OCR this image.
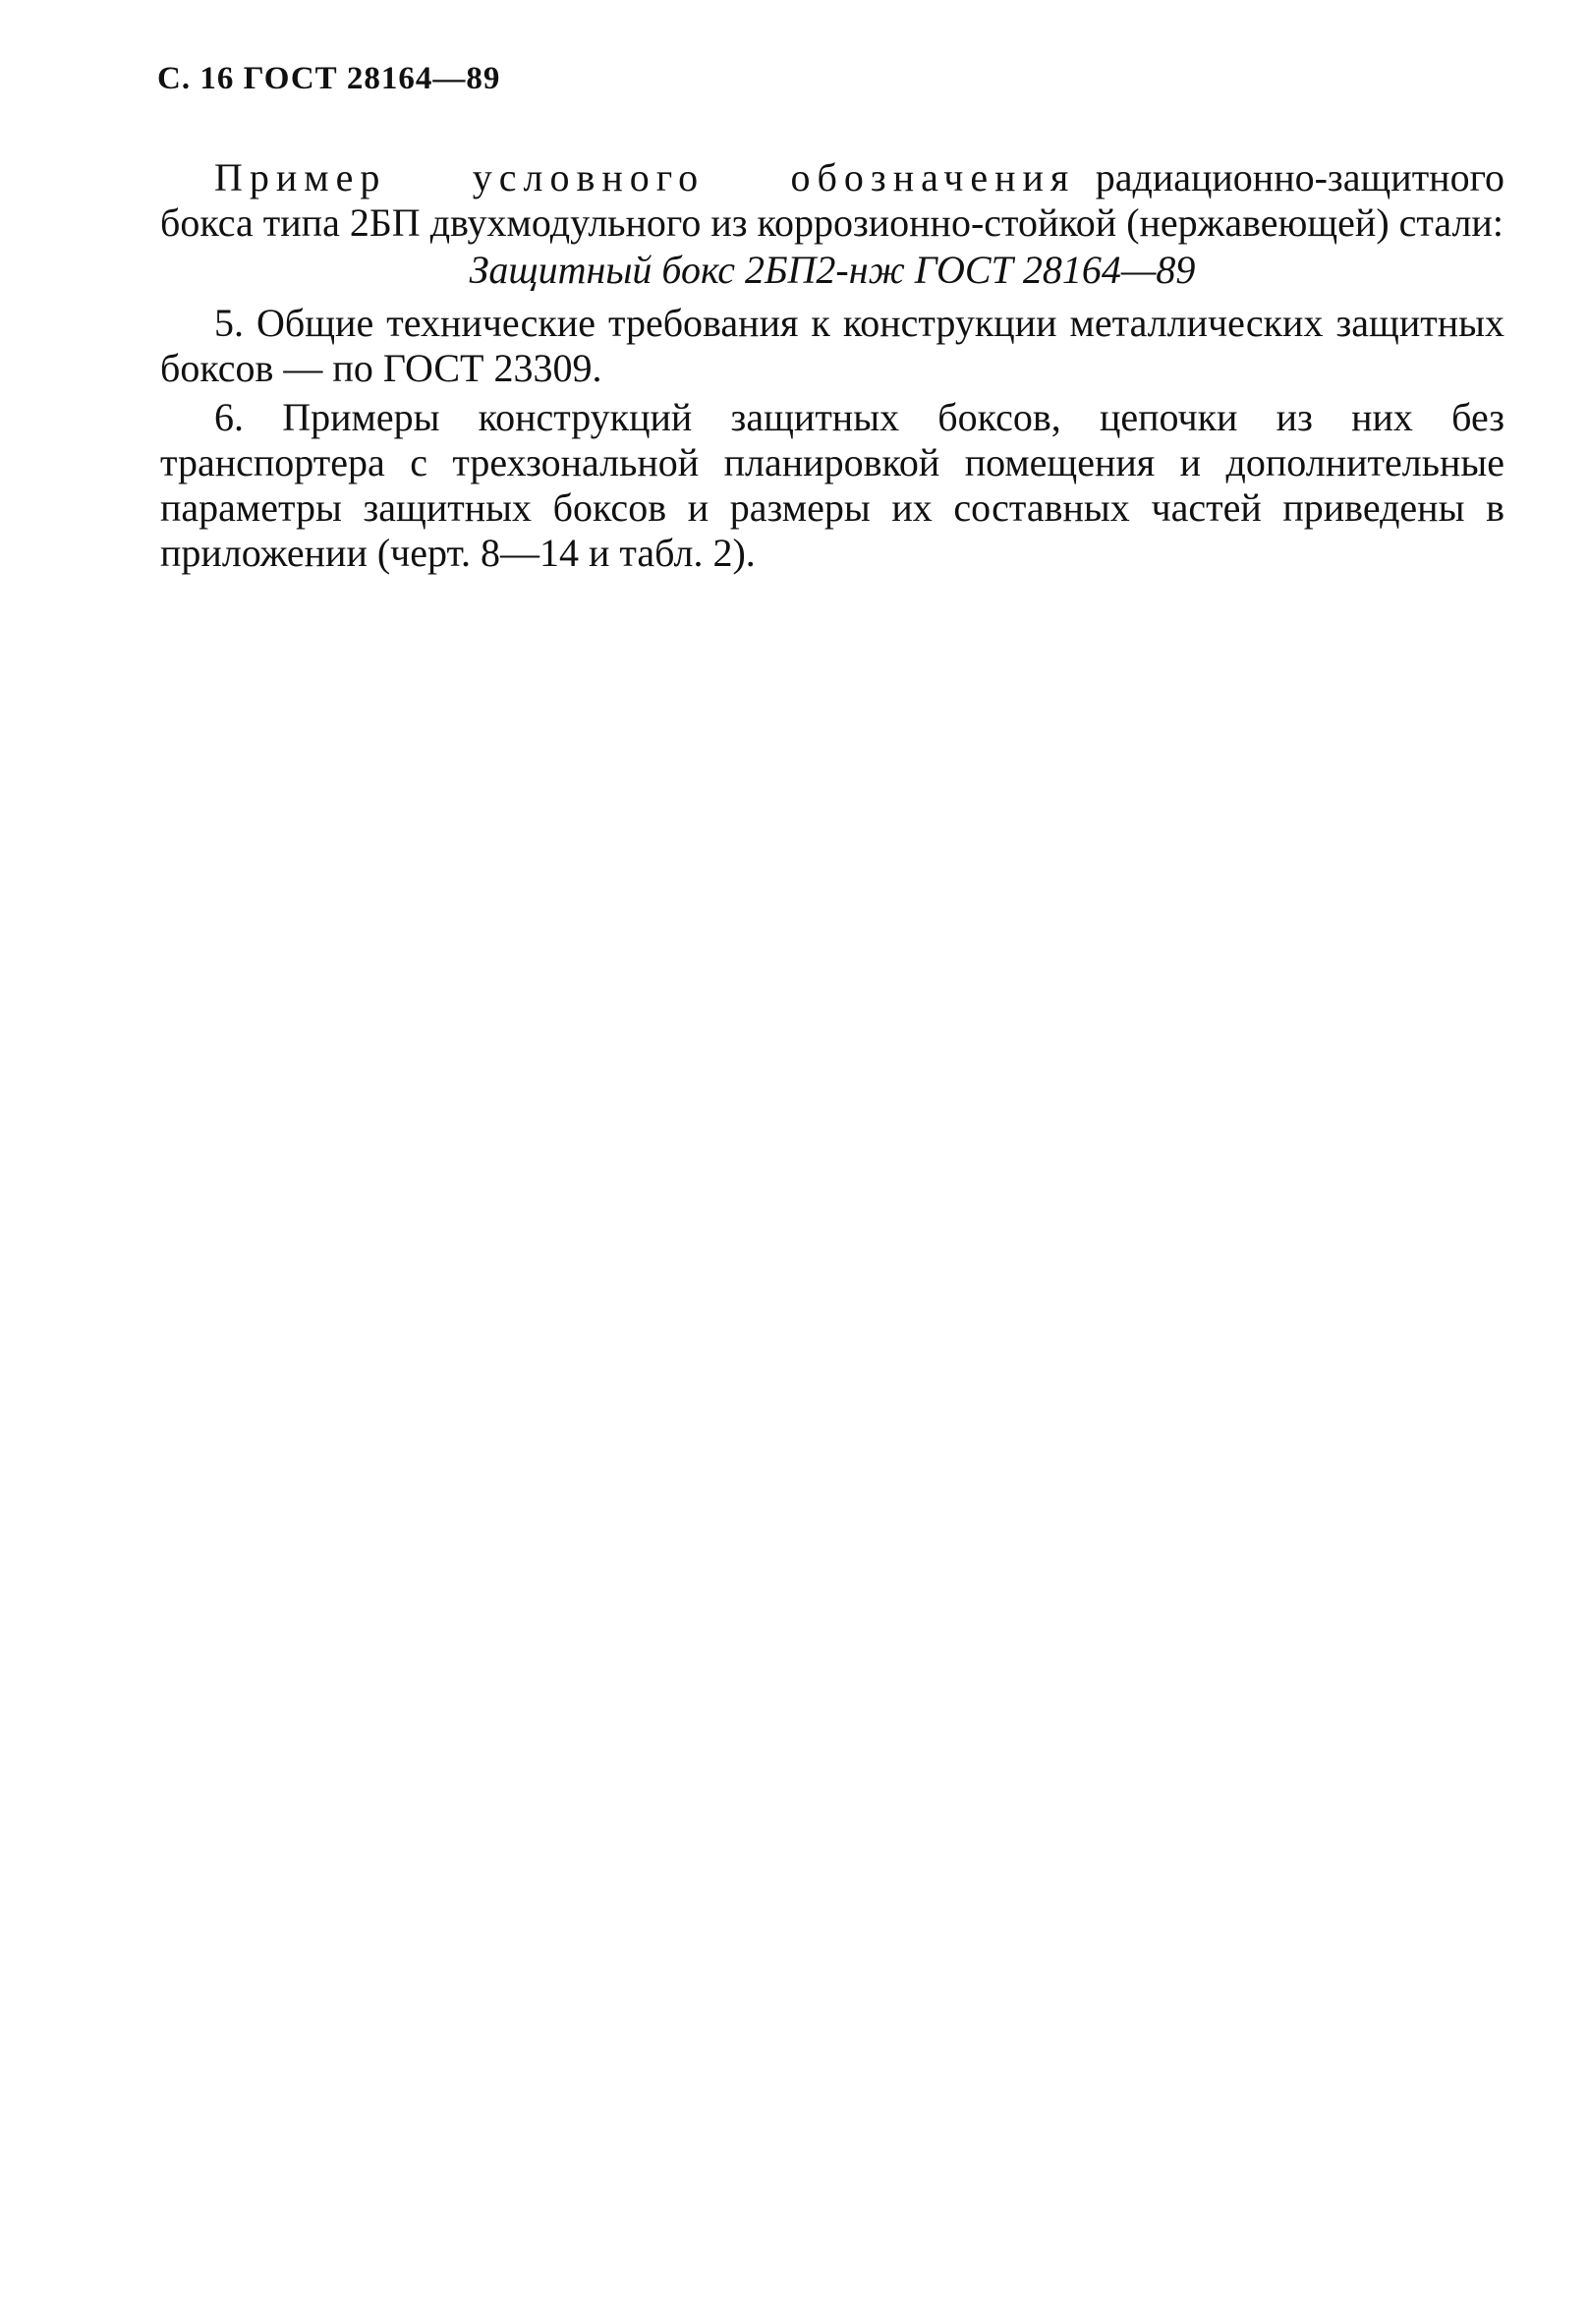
С. 16 ГОСТ 28164—89

Пример условного обозначения радиационно-защитного бокса типа 2БП двухмодульного из коррозионно-стойкой (нержавеющей) стали:

Защитный бокс 2БП2-нж ГОСТ 28164—89

5. Общие технические требования к конструкции металлических защитных боксов — по ГОСТ 23309.

6. Примеры конструкций защитных боксов, цепочки из них без транспортера с трехзональной планировкой помещения и дополнительные параметры защитных боксов и размеры их составных частей приведены в приложении (черт. 8—14 и табл. 2).
